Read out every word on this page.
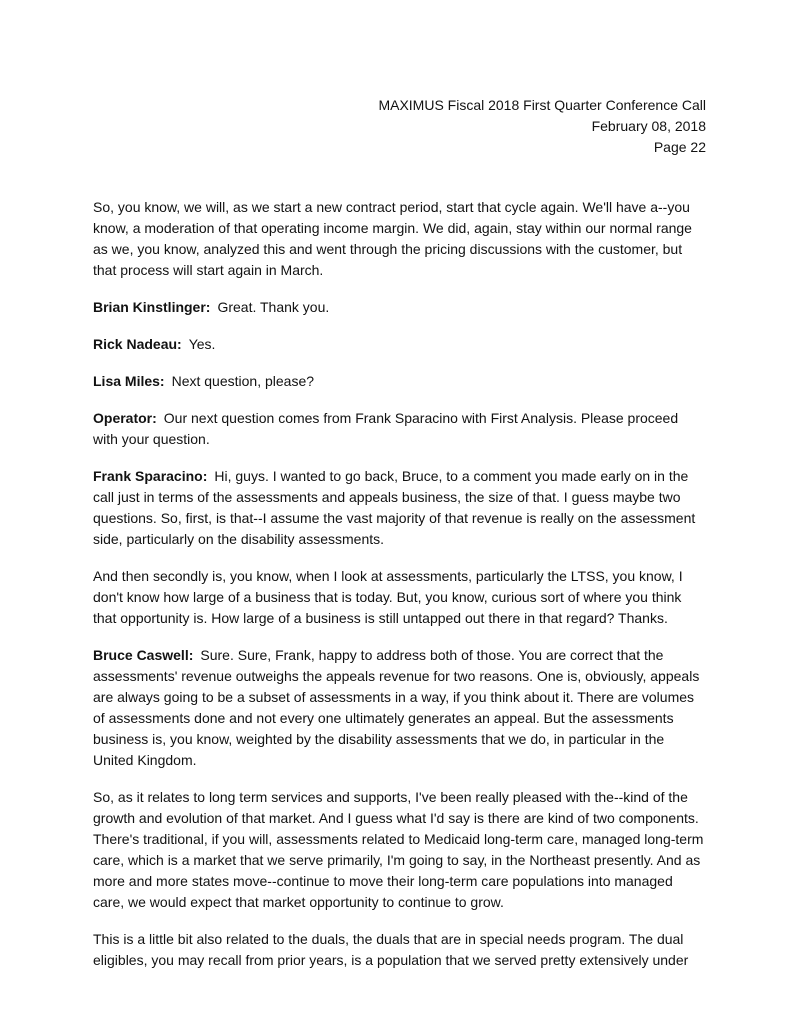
MAXIMUS Fiscal 2018 First Quarter Conference Call
February 08, 2018
Page 22

So, you know, we will, as we start a new contract period, start that cycle again. We'll have a--you know, a moderation of that operating income margin. We did, again, stay within our normal range as we, you know, analyzed this and went through the pricing discussions with the customer, but that process will start again in March.

Brian Kinstlinger: Great. Thank you.

Rick Nadeau: Yes.

Lisa Miles: Next question, please?

Operator: Our next question comes from Frank Sparacino with First Analysis. Please proceed with your question.

Frank Sparacino: Hi, guys. I wanted to go back, Bruce, to a comment you made early on in the call just in terms of the assessments and appeals business, the size of that. I guess maybe two questions. So, first, is that--I assume the vast majority of that revenue is really on the assessment side, particularly on the disability assessments.

And then secondly is, you know, when I look at assessments, particularly the LTSS, you know, I don't know how large of a business that is today. But, you know, curious sort of where you think that opportunity is. How large of a business is still untapped out there in that regard? Thanks.

Bruce Caswell: Sure. Sure, Frank, happy to address both of those. You are correct that the assessments' revenue outweighs the appeals revenue for two reasons. One is, obviously, appeals are always going to be a subset of assessments in a way, if you think about it. There are volumes of assessments done and not every one ultimately generates an appeal. But the assessments business is, you know, weighted by the disability assessments that we do, in particular in the United Kingdom.

So, as it relates to long term services and supports, I've been really pleased with the--kind of the growth and evolution of that market. And I guess what I'd say is there are kind of two components. There's traditional, if you will, assessments related to Medicaid long-term care, managed long-term care, which is a market that we serve primarily, I'm going to say, in the Northeast presently. And as more and more states move--continue to move their long-term care populations into managed care, we would expect that market opportunity to continue to grow.

This is a little bit also related to the duals, the duals that are in special needs program. The dual eligibles, you may recall from prior years, is a population that we served pretty extensively under
